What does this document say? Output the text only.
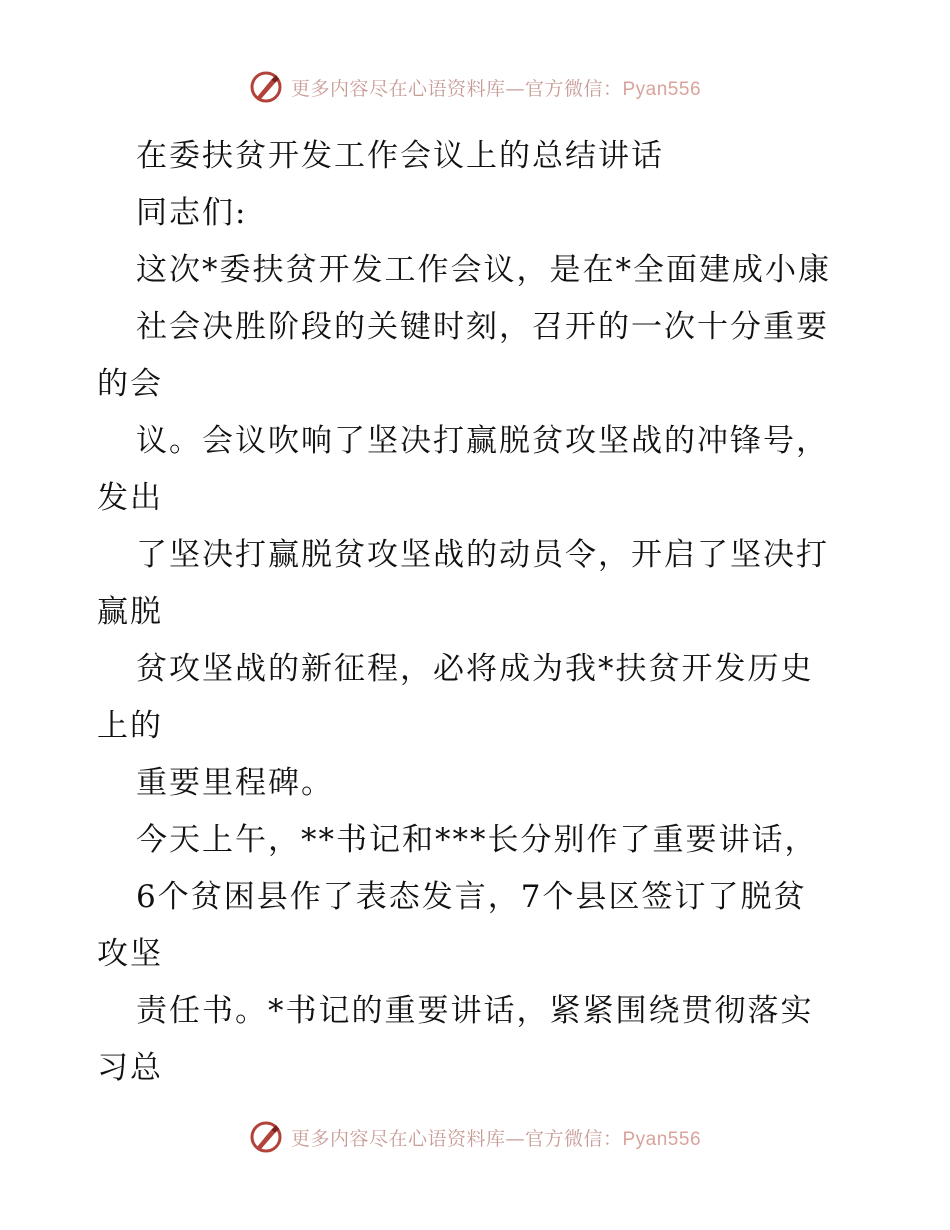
更多内容尽在心语资料库—官方微信：Pyan556
在委扶贫开发工作会议上的总结讲话
同志们:
这次*委扶贫开发工作会议，是在*全面建成小康
社会决胜阶段的关键时刻，召开的一次十分重要
的会
议。会议吹响了坚决打赢脱贫攻坚战的冲锋号，
发出
了坚决打赢脱贫攻坚战的动员令，开启了坚决打
赢脱
贫攻坚战的新征程，必将成为我*扶贫开发历史
上的
重要里程碑。
今天上午，**书记和***长分别作了重要讲话，
6个贫困县作了表态发言，7个县区签订了脱贫
攻坚
责任书。*书记的重要讲话，紧紧围绕贯彻落实
习总
更多内容尽在心语资料库—官方微信：Pyan556
